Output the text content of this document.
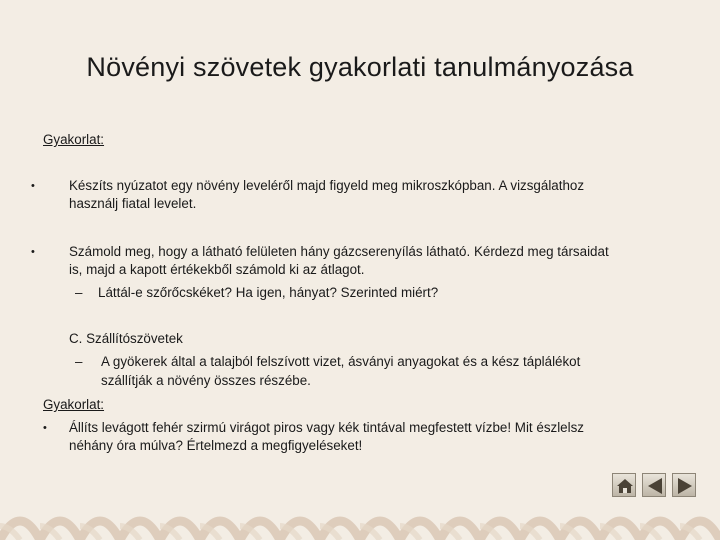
Növényi szövetek gyakorlati tanulmányozása
Gyakorlat:
•	Készíts nyúzatot egy növény leveléről majd figyeld meg mikroszkópban. A vizsgálathoz
használj fiatal levelet.
•	Számold meg, hogy a látható felületen hány gázcserenyílás látható. Kérdezd meg társaidat
is, majd a kapott értékekből számold ki az átlagot.
– Láttál-e szőrőcskéket? Ha igen, hányat? Szerinted miért?
C. Szállítószövetek
– A gyökerek által a talajból felszívott vizet, ásványi anyagokat és a kész táplálékot
szállítják a növény összes részébe.
Gyakorlat:
• Állíts levágott fehér szirmú virágot piros vagy kék tintával megfestett vízbe! Mit észlelsz
néhány óra múlva? Értelmezd a megfigyeléseket!
